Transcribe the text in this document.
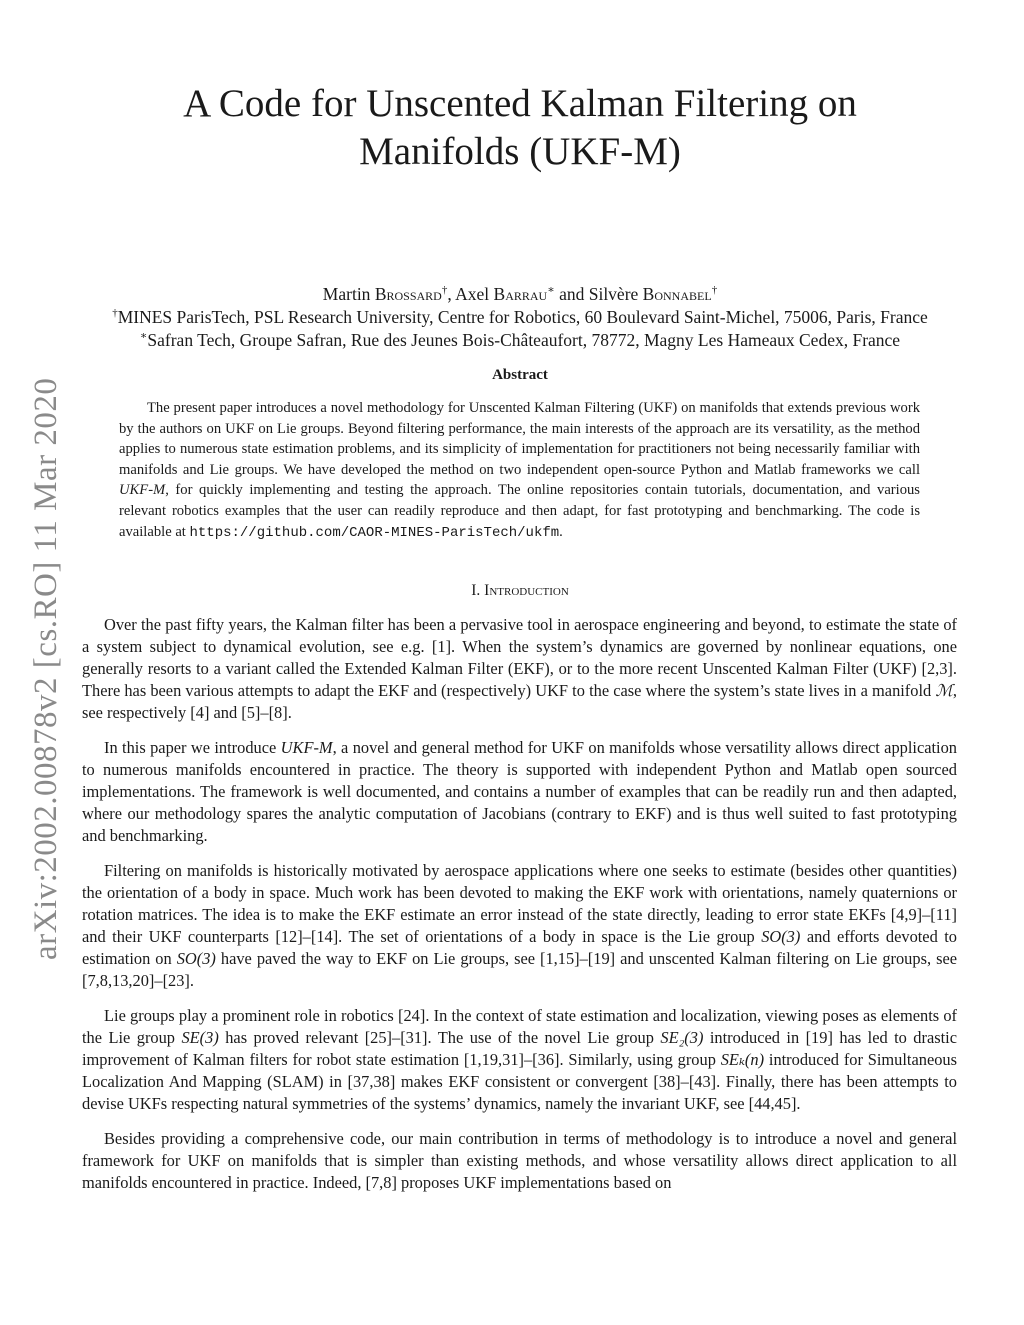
arXiv:2002.00878v2 [cs.RO] 11 Mar 2020
A Code for Unscented Kalman Filtering on
Manifolds (UKF-M)
Martin Brossard†, Axel Barrau∗ and Silvère Bonnabel†
†MINES ParisTech, PSL Research University, Centre for Robotics, 60 Boulevard Saint-Michel, 75006, Paris, France
∗Safran Tech, Groupe Safran, Rue des Jeunes Bois-Châteaufort, 78772, Magny Les Hameaux Cedex, France
Abstract

The present paper introduces a novel methodology for Unscented Kalman Filtering (UKF) on manifolds that extends previous work by the authors on UKF on Lie groups. Beyond filtering performance, the main interests of the approach are its versatility, as the method applies to numerous state estimation problems, and its simplicity of implementation for practitioners not being necessarily familiar with manifolds and Lie groups. We have developed the method on two independent open-source Python and Matlab frameworks we call UKF-M, for quickly implementing and testing the approach. The online repositories contain tutorials, documentation, and various relevant robotics examples that the user can readily reproduce and then adapt, for fast prototyping and benchmarking. The code is available at https://github.com/CAOR-MINES-ParisTech/ukfm.

I. Introduction

Over the past fifty years, the Kalman filter has been a pervasive tool in aerospace engineering and beyond, to estimate the state of a system subject to dynamical evolution, see e.g. [1]. When the system’s dynamics are governed by nonlinear equations, one generally resorts to a variant called the Extended Kalman Filter (EKF), or to the more recent Unscented Kalman Filter (UKF) [2,3]. There has been various attempts to adapt the EKF and (respectively) UKF to the case where the system’s state lives in a manifold ℳ, see respectively [4] and [5]–[8].

In this paper we introduce UKF-M, a novel and general method for UKF on manifolds whose versatility allows direct application to numerous manifolds encountered in practice. The theory is supported with independent Python and Matlab open sourced implementations. The framework is well documented, and contains a number of examples that can be readily run and then adapted, where our methodology spares the analytic computation of Jacobians (contrary to EKF) and is thus well suited to fast prototyping and benchmarking.

Filtering on manifolds is historically motivated by aerospace applications where one seeks to estimate (besides other quantities) the orientation of a body in space. Much work has been devoted to making the EKF work with orientations, namely quaternions or rotation matrices. The idea is to make the EKF estimate an error instead of the state directly, leading to error state EKFs [4,9]–[11] and their UKF counterparts [12]–[14]. The set of orientations of a body in space is the Lie group SO(3) and efforts devoted to estimation on SO(3) have paved the way to EKF on Lie groups, see [1,15]–[19] and unscented Kalman filtering on Lie groups, see [7,8,13,20]–[23].

Lie groups play a prominent role in robotics [24]. In the context of state estimation and localization, viewing poses as elements of the Lie group SE(3) has proved relevant [25]–[31]. The use of the novel Lie group SE₂(3) introduced in [19] has led to drastic improvement of Kalman filters for robot state estimation [1,19,31]–[36]. Similarly, using group SEₖ(n) introduced for Simultaneous Localization And Mapping (SLAM) in [37,38] makes EKF consistent or convergent [38]–[43]. Finally, there has been attempts to devise UKFs respecting natural symmetries of the systems’ dynamics, namely the invariant UKF, see [44,45].

Besides providing a comprehensive code, our main contribution in terms of methodology is to introduce a novel and general framework for UKF on manifolds that is simpler than existing methods, and whose versatility allows direct application to all manifolds encountered in practice. Indeed, [7,8] proposes UKF implementations based on
